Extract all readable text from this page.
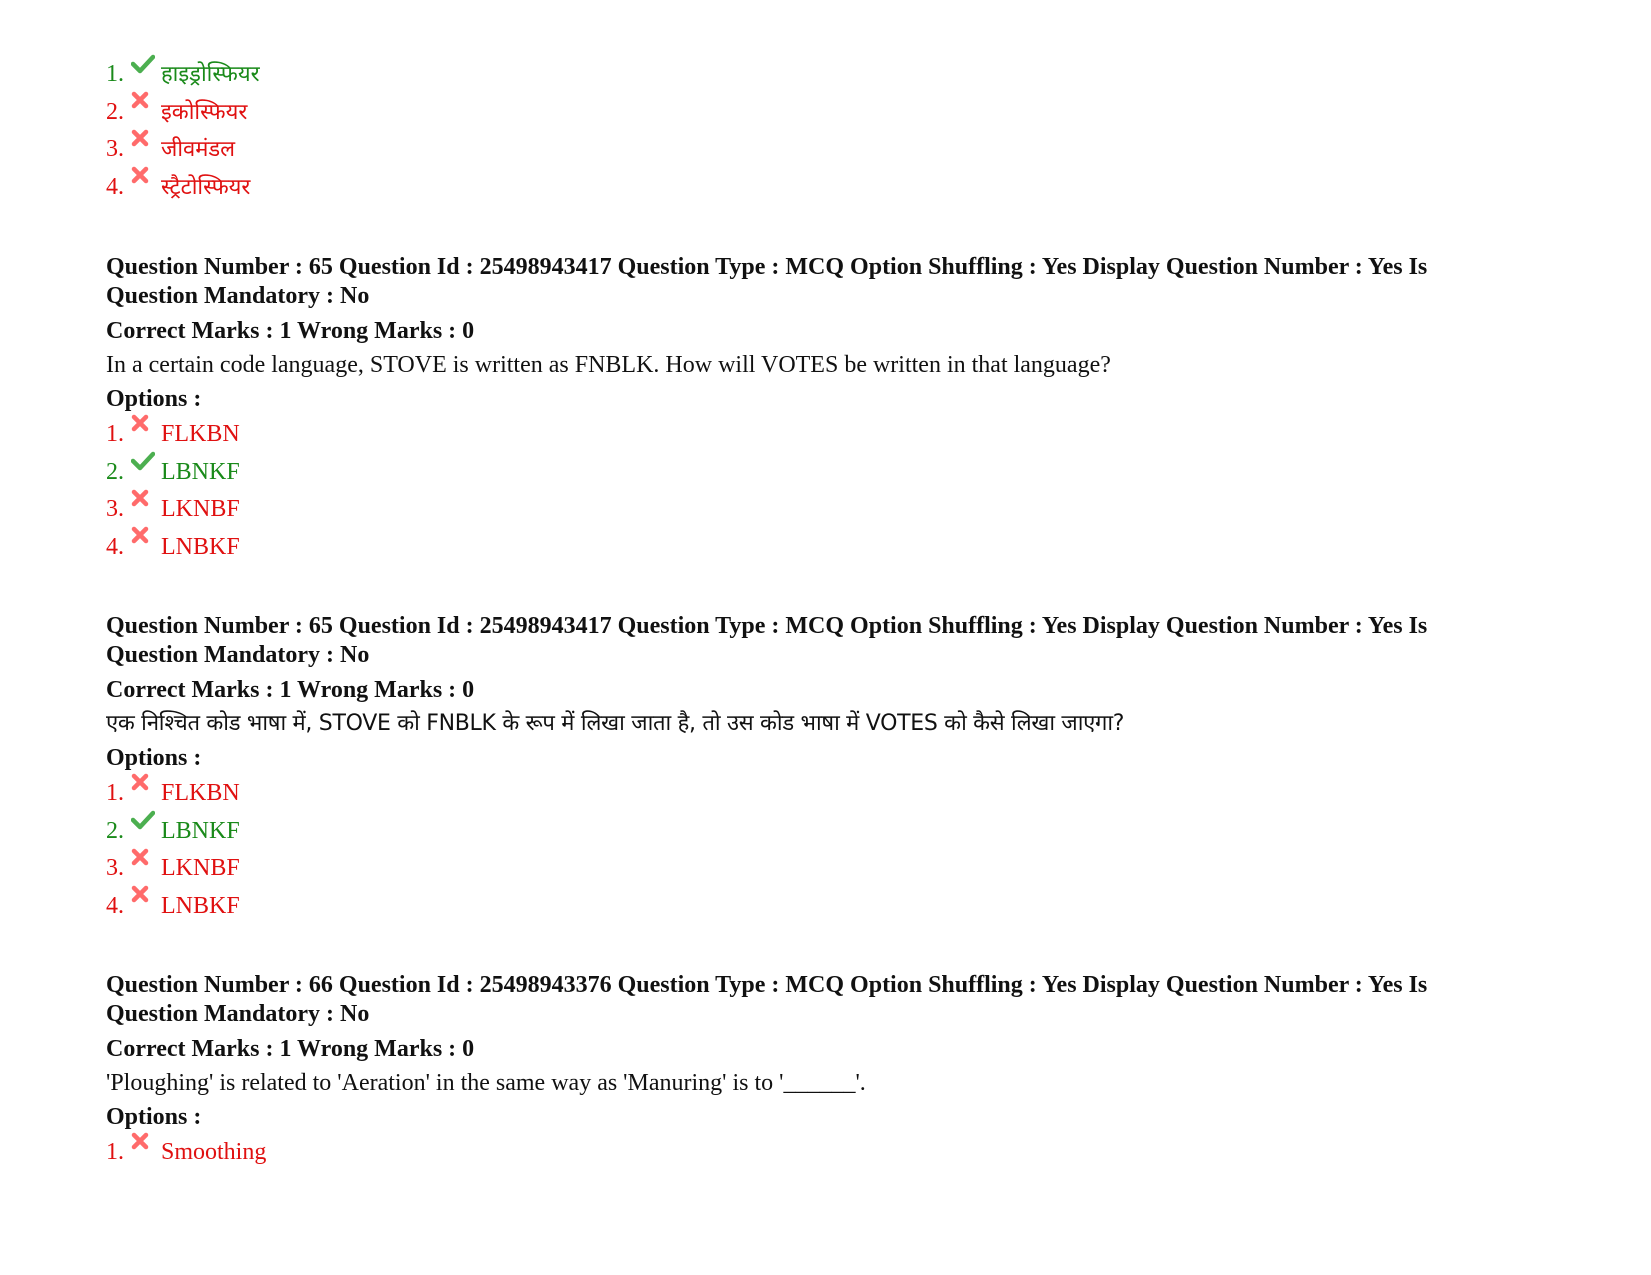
1.	हाइड्रोस्फियर
2.	इकोस्फियर
3.	जीवमंडल
4.	स्ट्रैटोस्फियर
Question Number : 65 Question Id : 25498943417 Question Type : MCQ Option Shuffling : Yes Display Question Number : Yes Is
Question Mandatory : No
Correct Marks : 1 Wrong Marks : 0
In a certain code language, STOVE is written as FNBLK. How will VOTES be written in that language?
Options :
1. FLKBN
2. LBNKF
3. LKNBF
4. LNBKF
Question Number : 65 Question Id : 25498943417 Question Type : MCQ Option Shuffling : Yes Display Question Number : Yes Is
Question Mandatory : No
Correct Marks : 1 Wrong Marks : 0
एक निश्चित कोड भाषा में, STOVE को FNBLK के रूप में लिखा जाता है, तो उस कोड भाषा में VOTES को कैसे लिखा जाएगा?
Options :
1. FLKBN
2. LBNKF
3. LKNBF
4. LNBKF
Question Number : 66 Question Id : 25498943376 Question Type : MCQ Option Shuffling : Yes Display Question Number : Yes Is
Question Mandatory : No
Correct Marks : 1 Wrong Marks : 0
'Ploughing' is related to 'Aeration' in the same way as 'Manuring' is to '______'.
Options :
1. Smoothing
